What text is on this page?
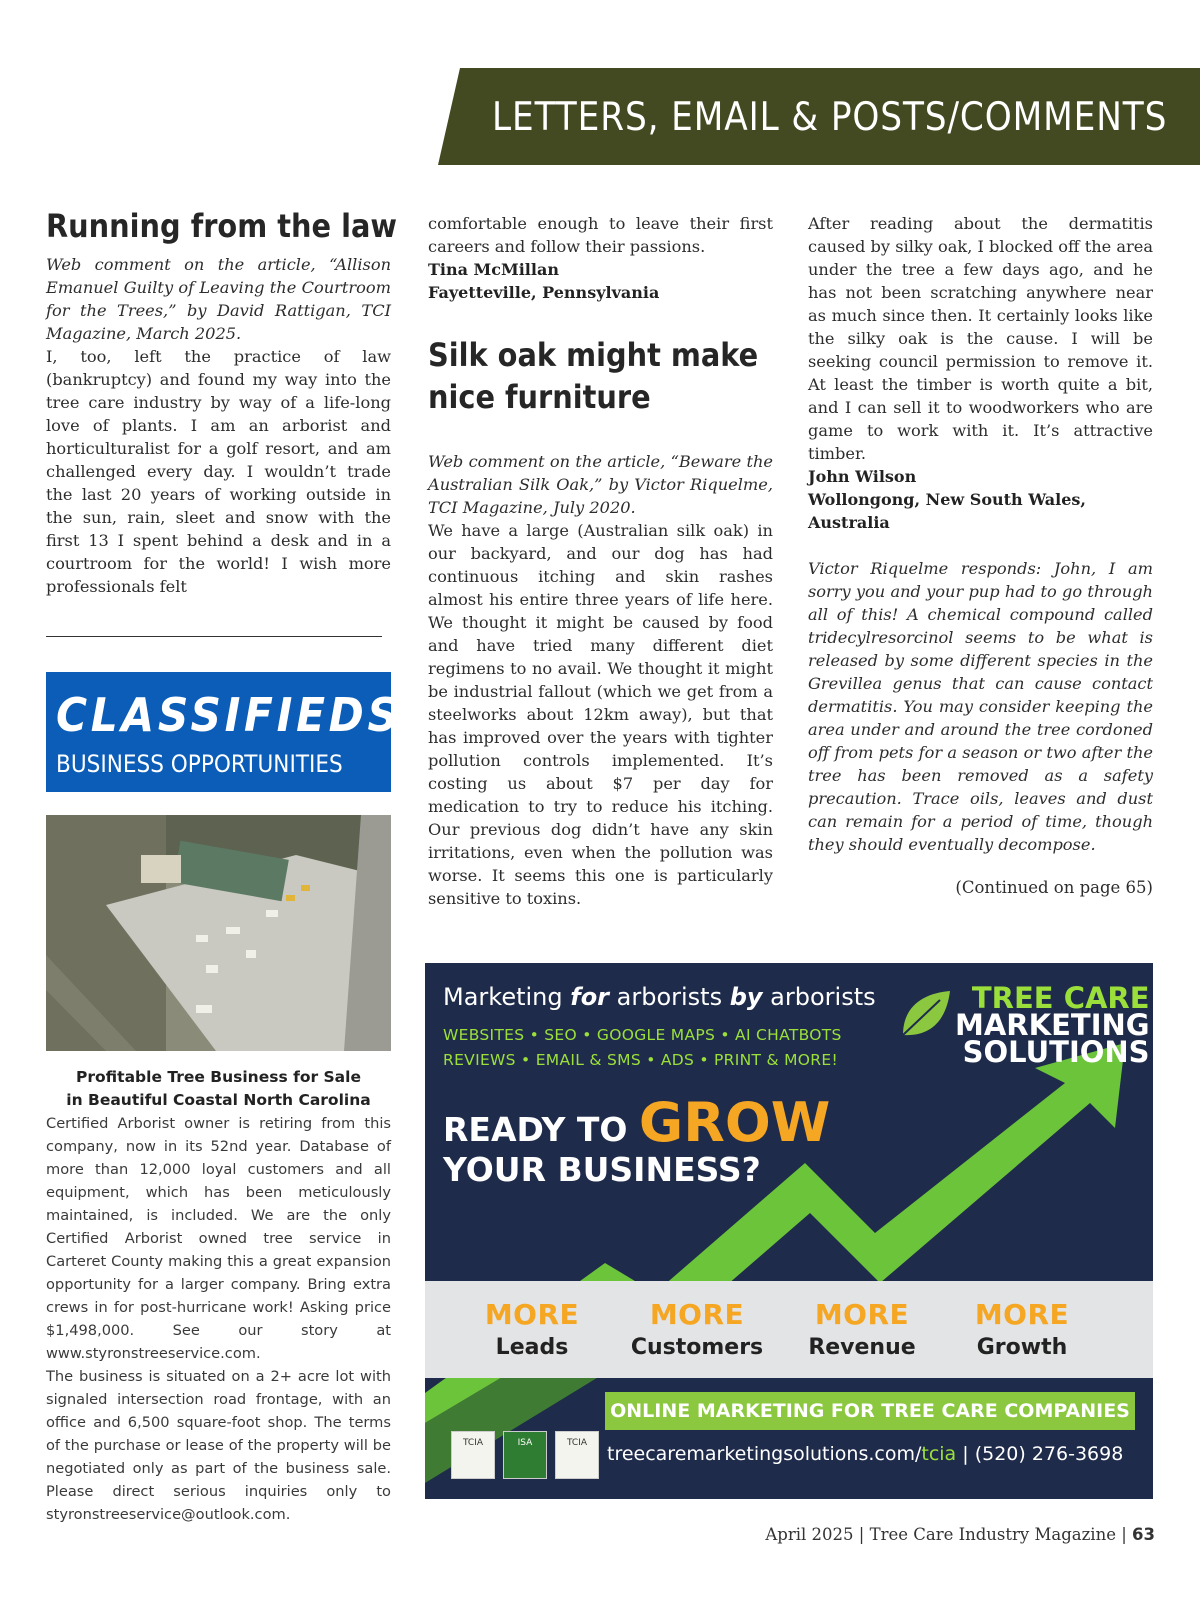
LETTERS, EMAIL & POSTS/COMMENTS
Running from the law

Web comment on the article, “Allison Emanuel Guilty of Leaving the Courtroom for the Trees,” by David Rattigan, TCI Magazine, March 2025.

I, too, left the practice of law (bankruptcy) and found my way into the tree care industry by way of a life-long love of plants. I am an arborist and horticulturalist for a golf resort, and am challenged every day. I wouldn’t trade the last 20 years of working outside in the sun, rain, sleet and snow with the first 13 I spent behind a desk and in a courtroom for the world! I wish more professionals felt

CLASSIFIEDS
BUSINESS OPPORTUNITIES
Profitable Tree Business for Sale
in Beautiful Coastal North Carolina

Certified Arborist owner is retiring from this company, now in its 52nd year. Database of more than 12,000 loyal customers and all equipment, which has been meticulously maintained, is included. We are the only Certified Arborist owned tree service in Carteret County making this a great expansion opportunity for a larger company. Bring extra crews in for post-hurricane work! Asking price $1,498,000. See our story at www.styronstreeservice.com.

The business is situated on a 2+ acre lot with signaled intersection road frontage, with an office and 6,500 square-foot shop. The terms of the purchase or lease of the property will be negotiated only as part of the business sale. Please direct serious inquiries only to styronstreeservice@outlook.com.

comfortable enough to leave their first careers and follow their passions.

Tina McMillan
Fayetteville, Pennsylvania
Silk oak might make
nice furniture

Web comment on the article, “Beware the Australian Silk Oak,” by Victor Riquelme, TCI Magazine, July 2020.

We have a large (Australian silk oak) in our backyard, and our dog has had continuous itching and skin rashes almost his entire three years of life here. We thought it might be caused by food and have tried many different diet regimens to no avail. We thought it might be industrial fallout (which we get from a steelworks about 12km away), but that has improved over the years with tighter pollution controls implemented. It’s costing us about $7 per day for medication to try to reduce his itching. Our previous dog didn’t have any skin irritations, even when the pollution was worse. It seems this one is particularly sensitive to toxins.

After reading about the dermatitis caused by silky oak, I blocked off the area under the tree a few days ago, and he has not been scratching anywhere near as much since then. It certainly looks like the silky oak is the cause. I will be seeking council permission to remove it. At least the timber is worth quite a bit, and I can sell it to woodworkers who are game to work with it. It’s attractive timber.

John Wilson
Wollongong, New South Wales, Australia
Victor Riquelme responds: John, I am sorry you and your pup had to go through all of this! A chemical compound called tridecylresorcinol seems to be what is released by some different species in the Grevillea genus that can cause contact dermatitis. You may consider keeping the area under and around the tree cordoned off from pets for a season or two after the tree has been removed as a safety precaution. Trace oils, leaves and dust can remain for a period of time, though they should eventually decompose.
(Continued on page 65)
Marketing for arborists by arborists
WEBSITES • SEO • GOOGLE MAPS • AI CHATBOTS
REVIEWS • EMAIL & SMS • ADS • PRINT & MORE!
TREE CARE
MARKETING
SOLUTIONS
READY TO GROW
YOUR BUSINESS?
MORE
Leads
MORE
Customers
MORE
Revenue
MORE
Growth
ONLINE MARKETING FOR TREE CARE COMPANIES
TCIA	ISA	TCIA	treecaremarketingsolutions.com/tcia | (520) 276-3698
April 2025 | Tree Care Industry Magazine | 63
